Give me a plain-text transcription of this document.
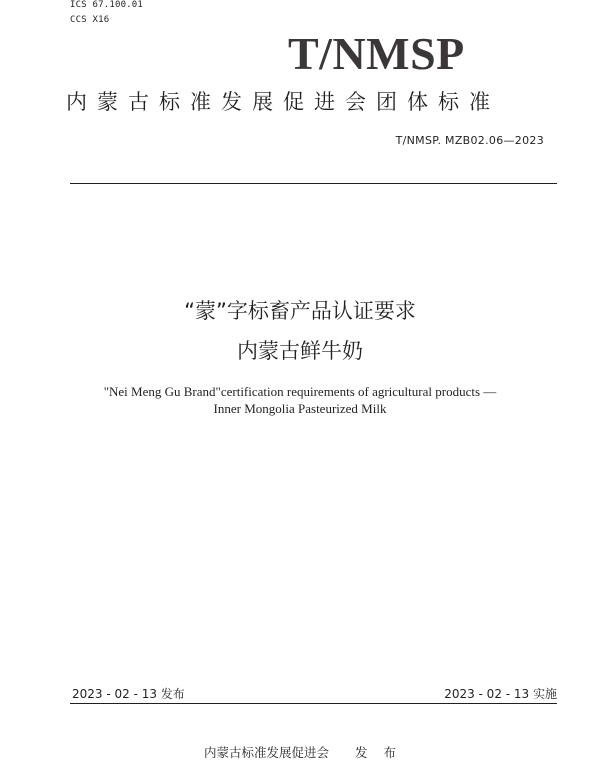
ICS 67.100.01
CCS X16
T/NMSP
内蒙古标准发展促进会团体标准
T/NMSP. MZB02.06—2023
“蒙”字标畜产品认证要求
内蒙古鲜牛奶
"Nei Meng Gu Brand"certification requirements of agricultural products —
Inner Mongolia Pasteurized Milk
2023 - 02 - 13 发布	2023 - 02 - 13 实施
内蒙古标准发展促进会 发 布
